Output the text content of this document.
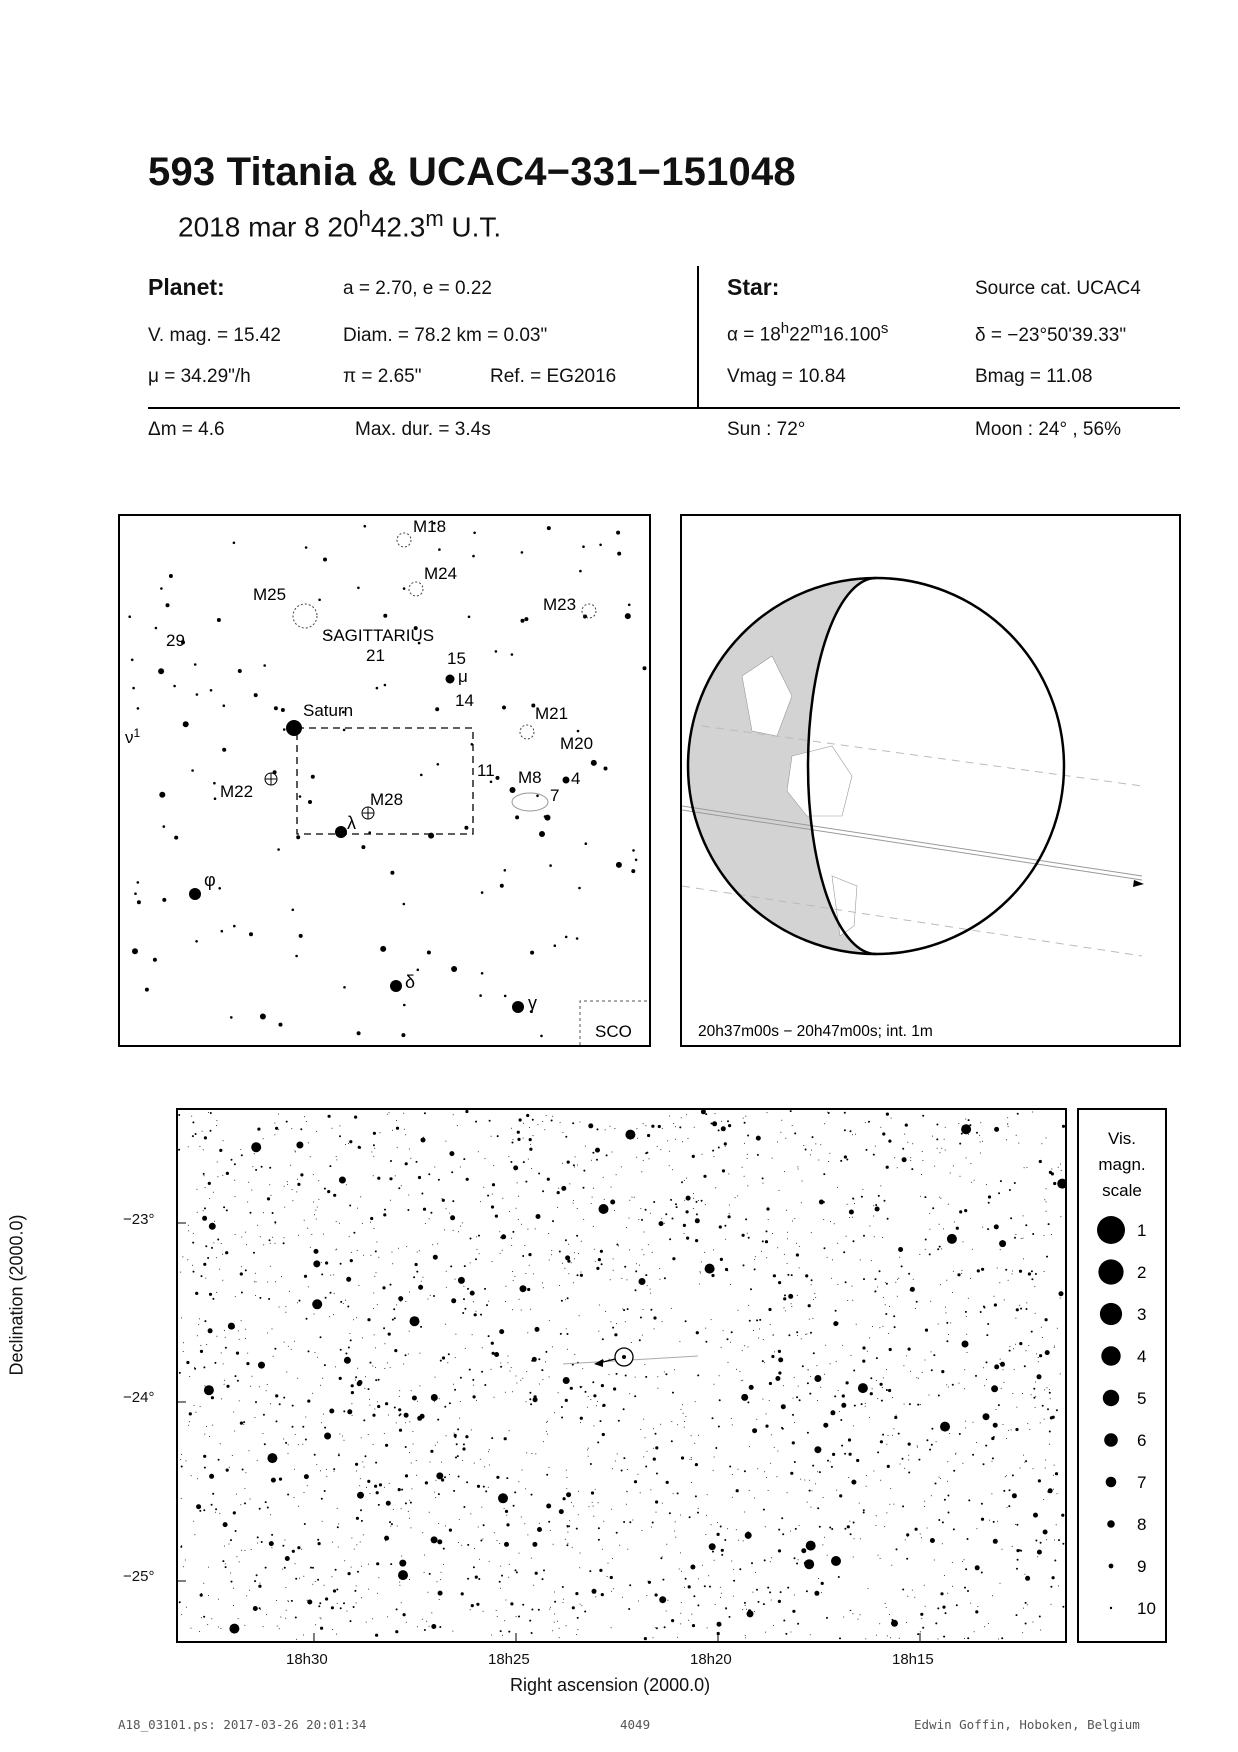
593 Titania & UCAC4−331−151048
2018 mar 8 20$^h$42.3$^m$ U.T.
Planet:	a = 2.70, e = 0.22
V. mag. = 15.42	Diam. = 78.2 km = 0.03"
μ = 34.29"/h	π = 2.65"	Ref. = EG2016
Δm = 4.6	Max. dur. = 3.4s
Star:	Source cat. UCAC4
$\alpha = 18^h22^m16.100^s$	δ = −23°50'39.33"
Vmag = 10.84	Bmag = 11.08
Sun : 72°	Moon : 24° , 56%
M18
M24
M25
M23
SAGITTARIUS
29
21	15
μ
14
Saturn	M21
M20
$\nu^1$
11 M8 4
7
M22	M28
λ
φ
δ
γ
SCO	20h37m00s − 20h47m00s; int. 1m
Declination (2000.0)	−23°
−24°
−25°
18h30	18h25	18h20	18h15
Right ascension (2000.0)
Vis.
magn.
scale
1
2
3
4
5
6
7
8
9
10
A18_03101.ps: 2017-03-26 20:01:34	4049	Edwin Goffin, Hoboken, Belgium
